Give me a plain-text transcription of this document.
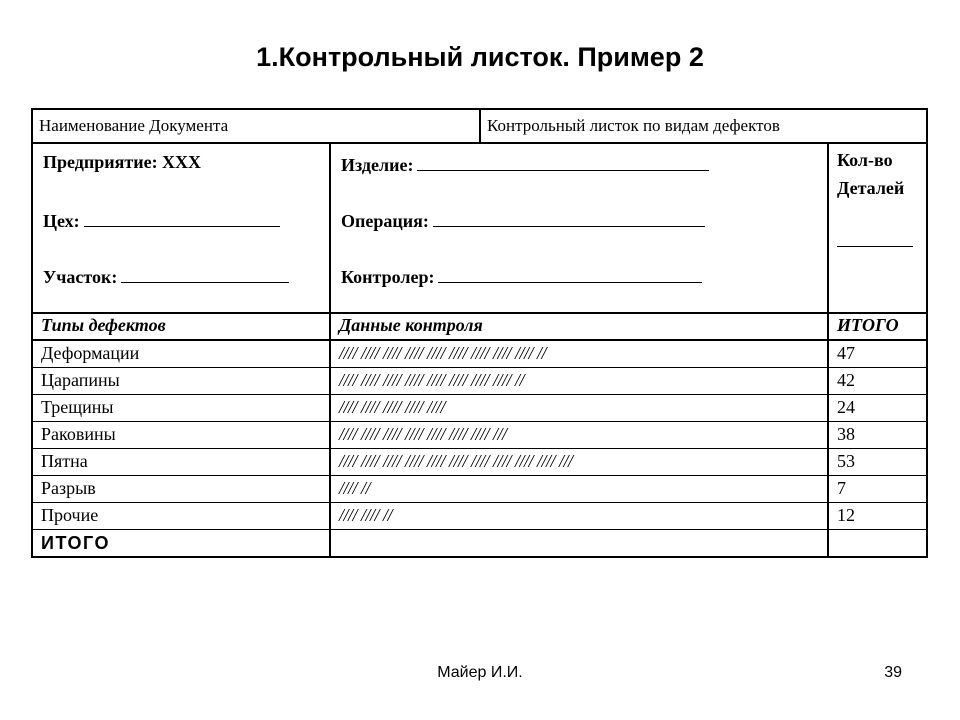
1.Контрольный листок. Пример 2
Наименование Документа	Контрольный листок по видам дефектов
Предприятие: ХХХ
Цех:
Участок:
Изделие:
Операция:
Контролер:
Кол-во
Деталей
Типы дефектов	Данные контроля	ИТОГО
Деформации	//// //// //// //// //// //// //// //// //// //	47
Царапины	//// //// //// //// //// //// //// //// //	42
Трещины	//// //// //// //// ////	24
Раковины	//// //// //// //// //// //// //// ///	38
Пятна	//// //// //// //// //// //// //// //// //// //// ///	53
Разрыв	//// //	7
Прочие	//// //// //	12
ИТОГО
Майер И.И.	39
